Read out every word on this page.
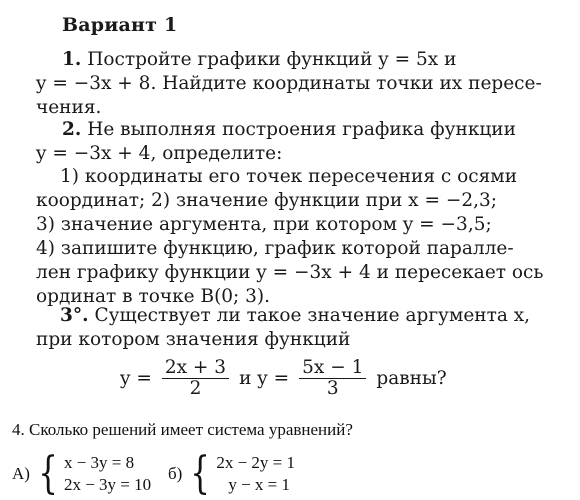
Вариант 1
1. Постройте графики функций y = 5x и
y = −3x + 8. Найдите координаты точки их пересе-
чения.
2. Не выполняя построения графика функции
y = −3x + 4, определите:
1) координаты его точек пересечения с осями
координат; 2) значение функции при x = −2,3;
3) значение аргумента, при котором y = −3,5;
4) запишите функцию, график которой паралле-
лен графику функции y = −3x + 4 и пересекает ось
ординат в точке B(0; 3).
3°. Существует ли такое значение аргумента x,
при котором значения функций
$y = \frac{2x + 3}{2}$ и $y = \frac{5x - 1}{3}$ равны?
4. Сколько решений имеет система уравнений?
А) { x − 3y = 8
2x − 3y = 10
б) { 2x − 2y = 1
y − x = 1
